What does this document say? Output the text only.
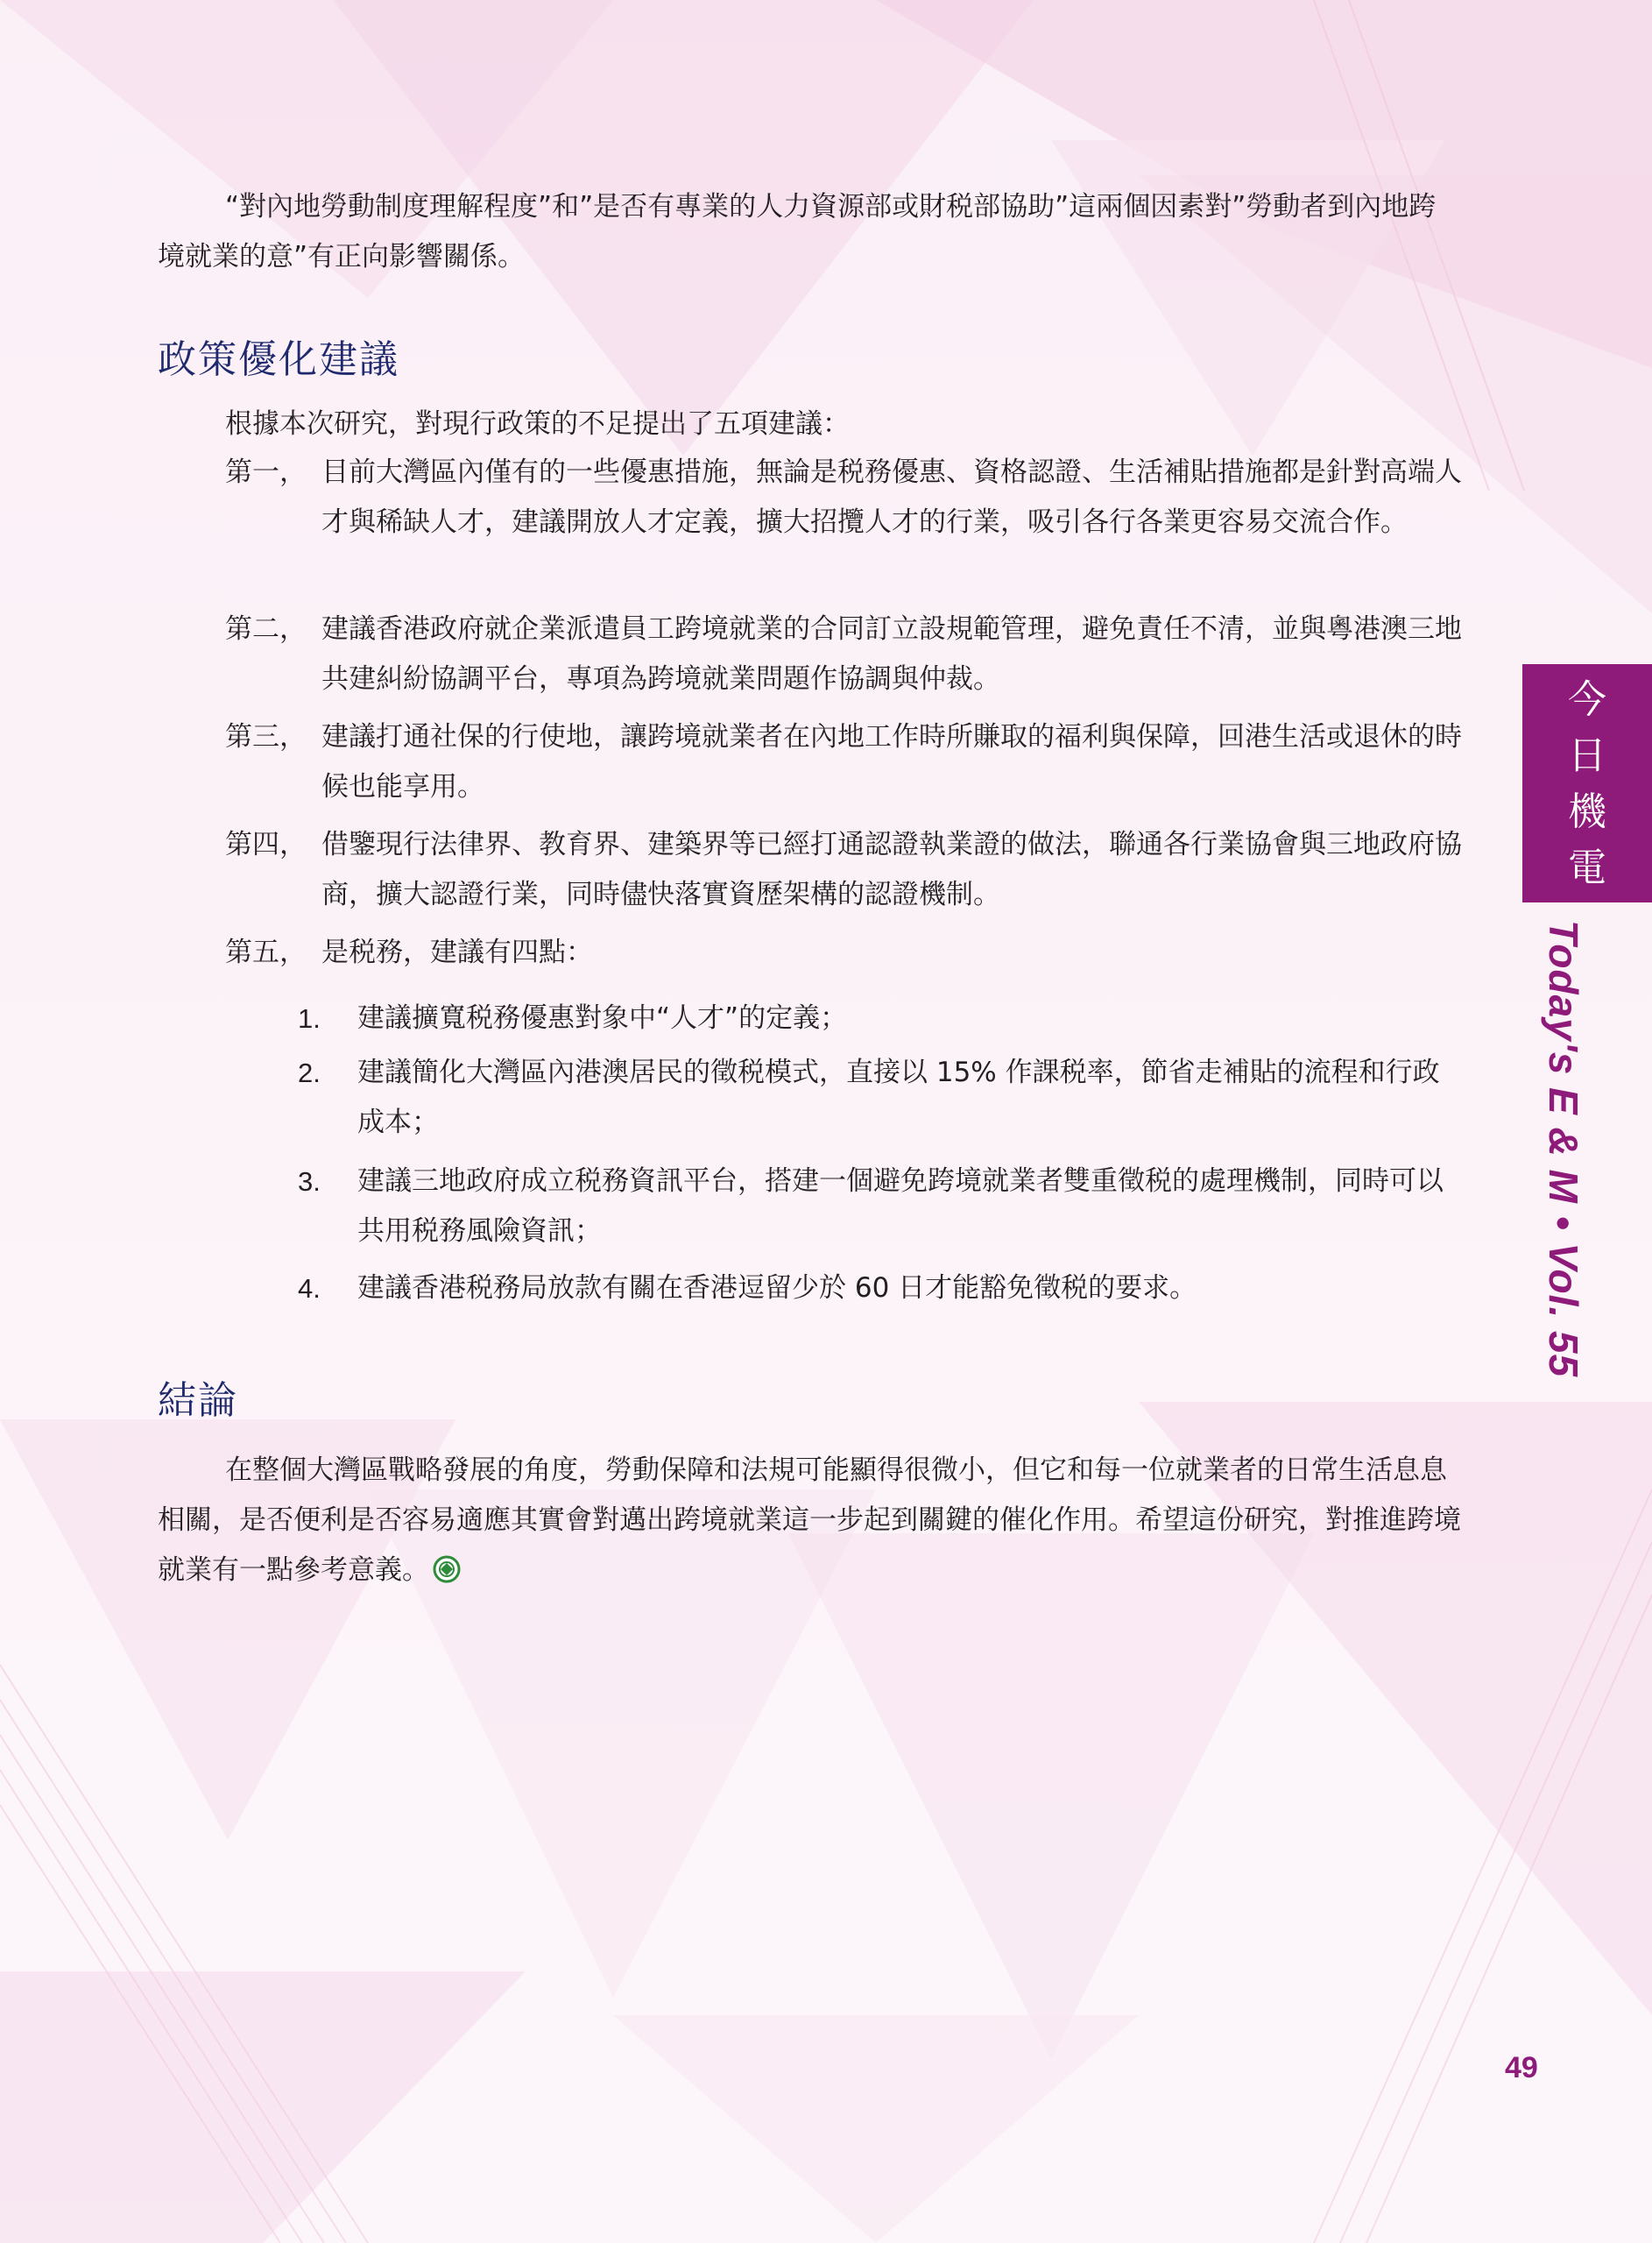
“對內地勞動制度理解程度”和”是否有專業的人力資源部或財税部協助”這兩個因素對”勞動者到內地跨境就業的意”有正向影響關係。

政策優化建議

根據本次研究，對現行政策的不足提出了五項建議：

第一， 目前大灣區內僅有的一些優惠措施，無論是税務優惠、資格認證、生活補貼措施都是針對高端人才與稀缺人才，建議開放人才定義，擴大招攬人才的行業，吸引各行各業更容易交流合作。
第二， 建議香港政府就企業派遣員工跨境就業的合同訂立設規範管理，避免責任不清，並與粵港澳三地共建糾紛協調平台，專項為跨境就業問題作協調與仲裁。
第三， 建議打通社保的行使地，讓跨境就業者在內地工作時所賺取的福利與保障，回港生活或退休的時候也能享用。
第四， 借鑒現行法律界、教育界、建築界等已經打通認證執業證的做法，聯通各行業協會與三地政府協商，擴大認證行業，同時儘快落實資歷架構的認證機制。
第五， 是税務，建議有四點：
1.	建議擴寬税務優惠對象中“人才”的定義；
2.	建議簡化大灣區內港澳居民的徵税模式，直接以 15% 作課税率，節省走補貼的流程和行政成本；
3.	建議三地政府成立税務資訊平台，搭建一個避免跨境就業者雙重徵税的處理機制，同時可以共用税務風險資訊；
4.	建議香港税務局放款有關在香港逗留少於 60 日才能豁免徵税的要求。
結論

在整個大灣區戰略發展的角度，勞動保障和法規可能顯得很微小，但它和每一位就業者的日常生活息息相關，是否便利是否容易適應其實會對邁出跨境就業這一步起到關鍵的催化作用。希望這份研究，對推進跨境就業有一點參考意義。

今
日
機
電
Today's E & M • Vol. 55
49
